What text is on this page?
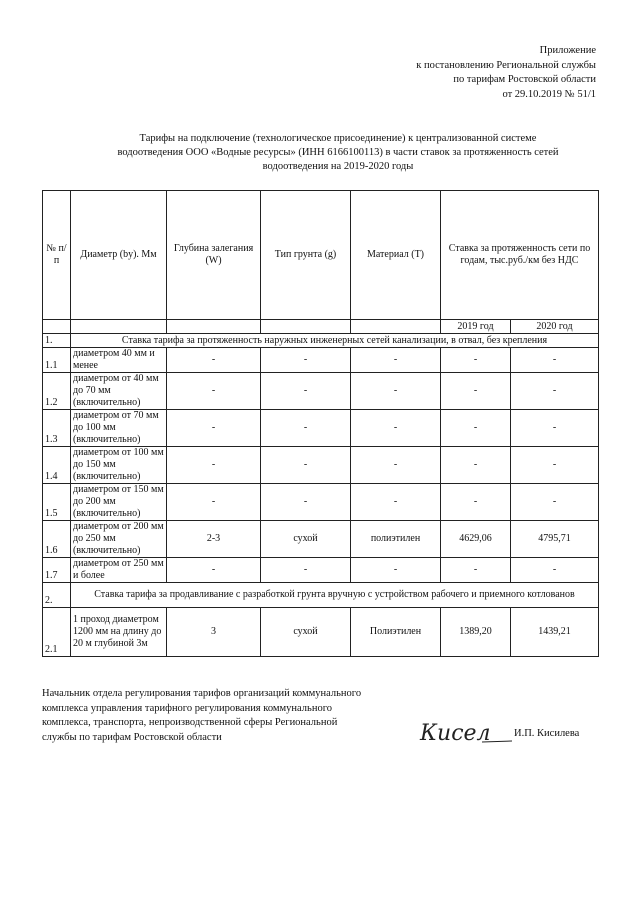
Приложение
к постановлению Региональной службы
по тарифам Ростовской области
от 29.10.2019 № 51/1
Тарифы на подключение (технологическое присоединение) к централизованной системе
водоотведения ООО «Водные ресурсы» (ИНН 6166100113) в части ставок за протяженность сетей
водоотведения на 2019-2020 годы
№ п/п	Диаметр (by). Мм	Глубина залегания (W)	Тип грунта (g)	Материал (T)	Ставка за протяженность сети по годам, тыс.руб./км без НДС	
					2019 год	2020 год
1.	Ставка тарифа за протяженность наружных инженерных сетей канализации, в отвал, без крепления					
1.1	диаметром 40 мм и менее	-	-	-	-	-
1.2	диаметром от 40 мм до 70 мм (включительно)	-	-	-	-	-
1.3	диаметром от 70 мм до 100 мм (включительно)	-	-	-	-	-
1.4	диаметром от 100 мм до 150 мм (включительно)	-	-	-	-	-
1.5	диаметром от 150 мм до 200 мм (включительно)	-	-	-	-	-
1.6	диаметром от 200 мм до 250 мм (включительно)	2-3	сухой	полиэтилен	4629,06	4795,71
1.7	диаметром от 250 мм и более	-	-	-	-	-
2.	Ставка тарифа за продавливание с разработкой грунта вручную с устройством рабочего и приемного котлованов					
2.1	1 проход диаметром 1200 мм на длину до 20 м глубиной 3м	3	сухой	Полиэтилен	1389,20	1439,21
Начальник отдела регулирования тарифов организаций коммунального
комплекса управления тарифного регулирования коммунального
комплекса, транспорта, непроизводственной сферы Региональной
службы по тарифам Ростовской области	Кисел И.П. Кисилева
